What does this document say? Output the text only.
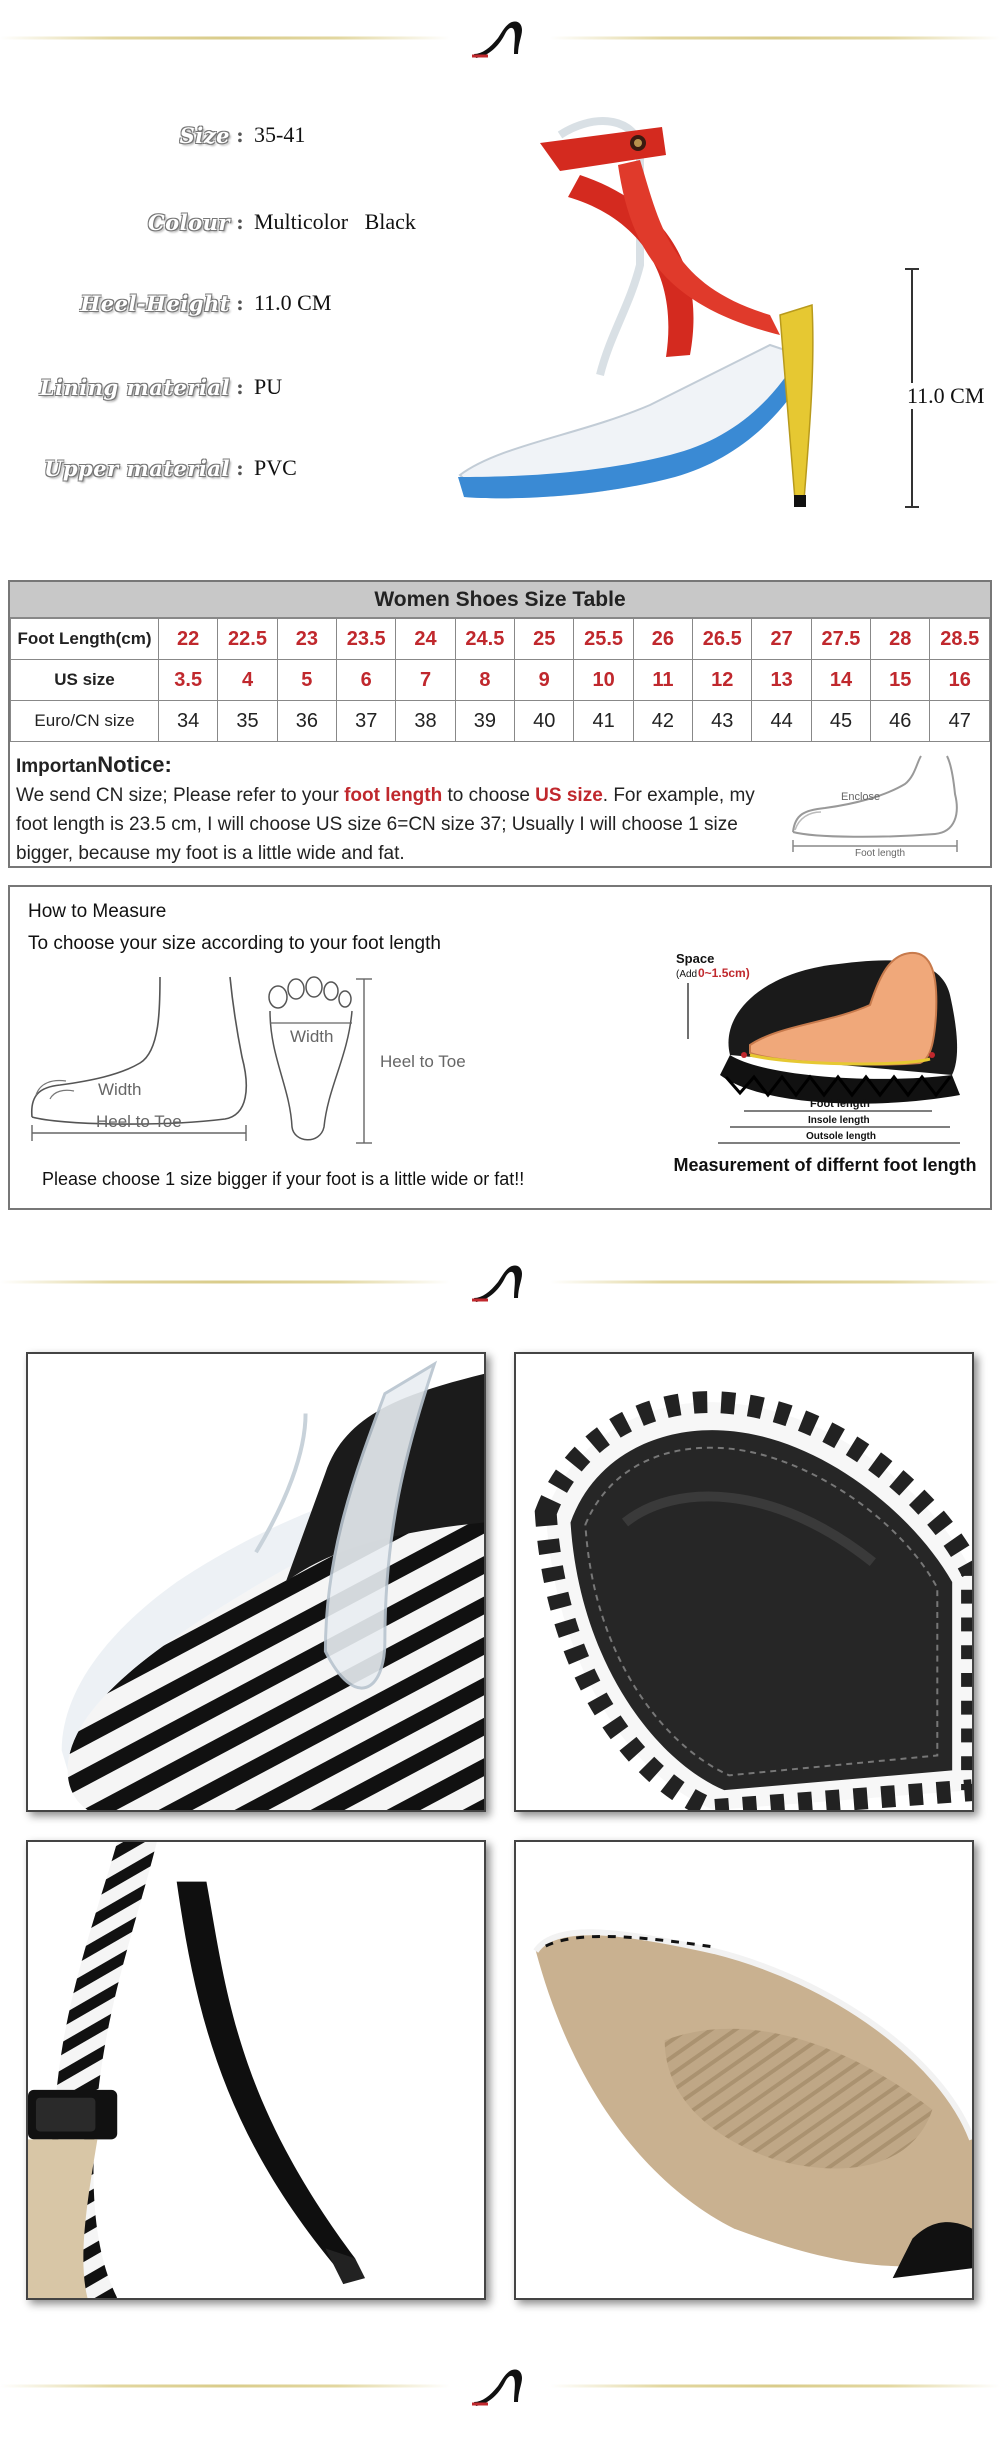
Size : 35-41
Colour : Multicolor   Black
Heel-Height : 11.0 CM
Lining material : PU
Upper material : PVC
11.0 CM
Women Shoes Size Table
Foot Length(cm)	22	22.5	23	23.5	24	24.5	25	25.5	26	26.5	27	27.5	28	28.5
US size	3.5	4	5	6	7	8	9	10	11	12	13	14	15	16
Euro/CN size	34	35	36	37	38	39	40	41	42	43	44	45	46	47
ImportanNotice:
We send CN size; Please refer to your foot length to choose US size. For example, my foot length is 23.5 cm, I will choose US size 6=CN size 37; Usually I will choose 1 size bigger, because my foot is a little wide and fat.
Enclose
Foot length
How to Measure
To choose your size according to your foot length
Width
Heel to Toe
Width
Heel to Toe
Space
(Add 0~1.5cm)
Foot length
Insole length
Outsole length
Measurement of differnt foot length
Please choose 1 size bigger if your foot is a little wide or fat!!
